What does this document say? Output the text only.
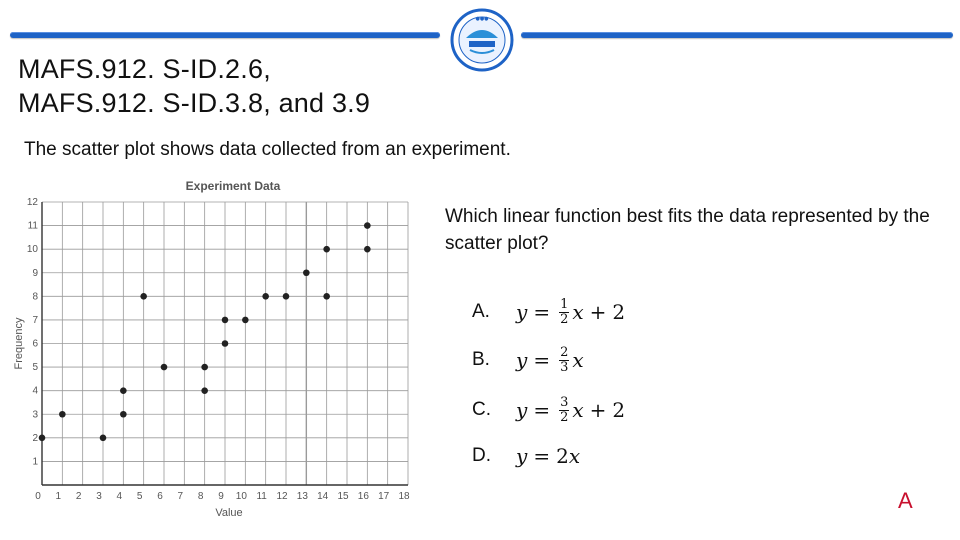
●●●
MAFS.912. S-ID.2.6,
MAFS.912. S-ID.3.8, and 3.9
The scatter plot shows data collected from an experiment.
0 1 2 3 4 5 6 7 8 9 10 11 12 13 14 15 16 17 18
1
2
3
4
5
6
7
8
9
10
11
12
Experiment Data
Value
Frequency
Which linear function best fits the data represented by the scatter plot?
A.	$y = \frac{1}{2}$ x + 2
B.	$y = \frac{2}{3}$ x
C.	$y = \frac{3}{2}$ x + 2
D.	y = 2 x
A
